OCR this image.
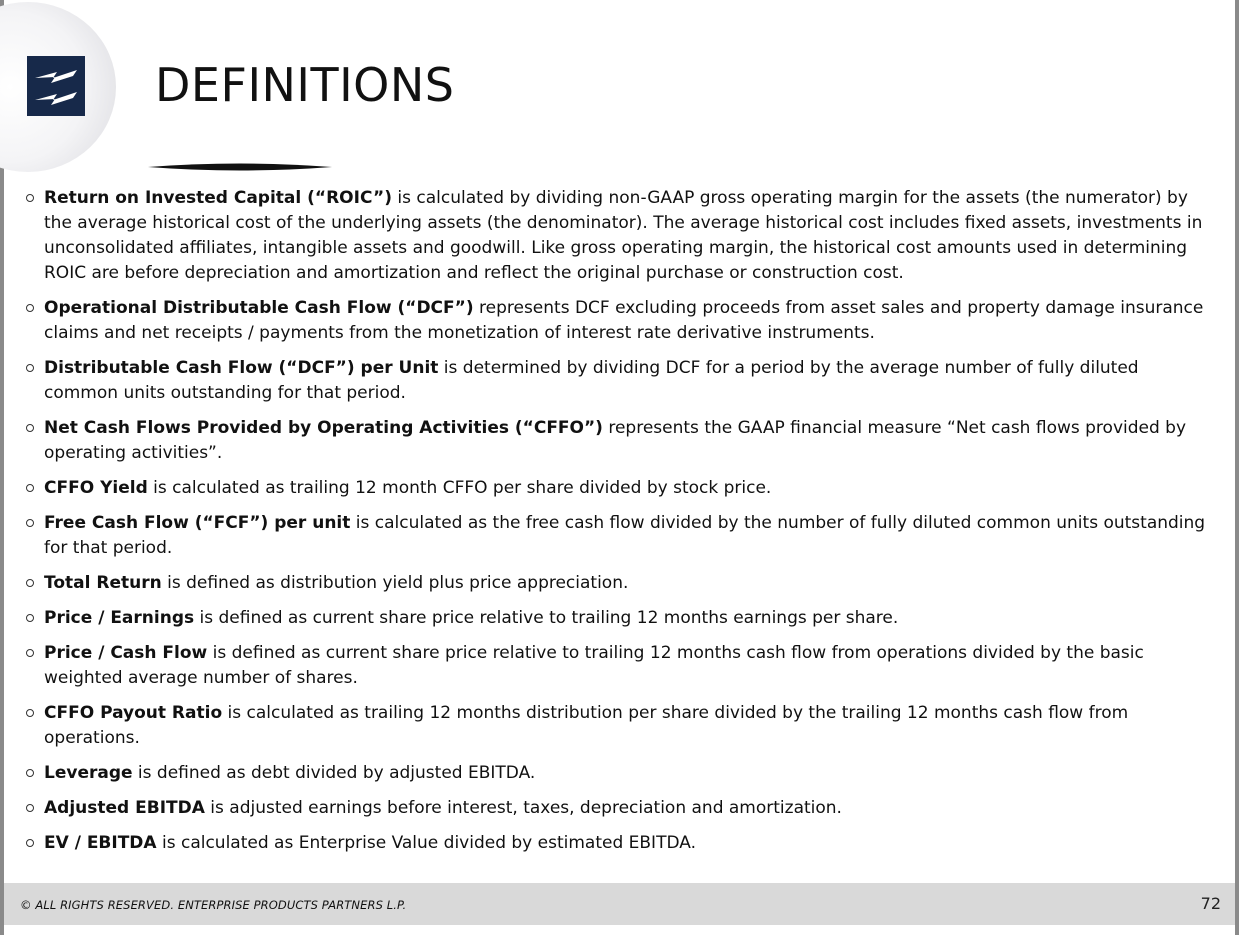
DEFINITIONS
Return on Invested Capital (“ROIC”) is calculated by dividing non-GAAP gross operating margin for the assets (the numerator) by the average historical cost of the underlying assets (the denominator). The average historical cost includes fixed assets, investments in unconsolidated affiliates, intangible assets and goodwill. Like gross operating margin, the historical cost amounts used in determining ROIC are before depreciation and amortization and reflect the original purchase or construction cost.
Operational Distributable Cash Flow (“DCF”) represents DCF excluding proceeds from asset sales and property damage insurance claims and net receipts / payments from the monetization of interest rate derivative instruments.
Distributable Cash Flow (“DCF”) per Unit is determined by dividing DCF for a period by the average number of fully diluted common units outstanding for that period.
Net Cash Flows Provided by Operating Activities (“CFFO”) represents the GAAP financial measure “Net cash flows provided by operating activities”.
CFFO Yield is calculated as trailing 12 month CFFO per share divided by stock price.
Free Cash Flow (“FCF”) per unit is calculated as the free cash flow divided by the number of fully diluted common units outstanding for that period.
Total Return is defined as distribution yield plus price appreciation.
Price / Earnings is defined as current share price relative to trailing 12 months earnings per share.
Price / Cash Flow is defined as current share price relative to trailing 12 months cash flow from operations divided by the basic weighted average number of shares.
CFFO Payout Ratio is calculated as trailing 12 months distribution per share divided by the trailing 12 months cash flow from operations.
Leverage is defined as debt divided by adjusted EBITDA.
Adjusted EBITDA is adjusted earnings before interest, taxes, depreciation and amortization.
EV / EBITDA is calculated as Enterprise Value divided by estimated EBITDA.
© ALL RIGHTS RESERVED. ENTERPRISE PRODUCTS PARTNERS L.P.	72
